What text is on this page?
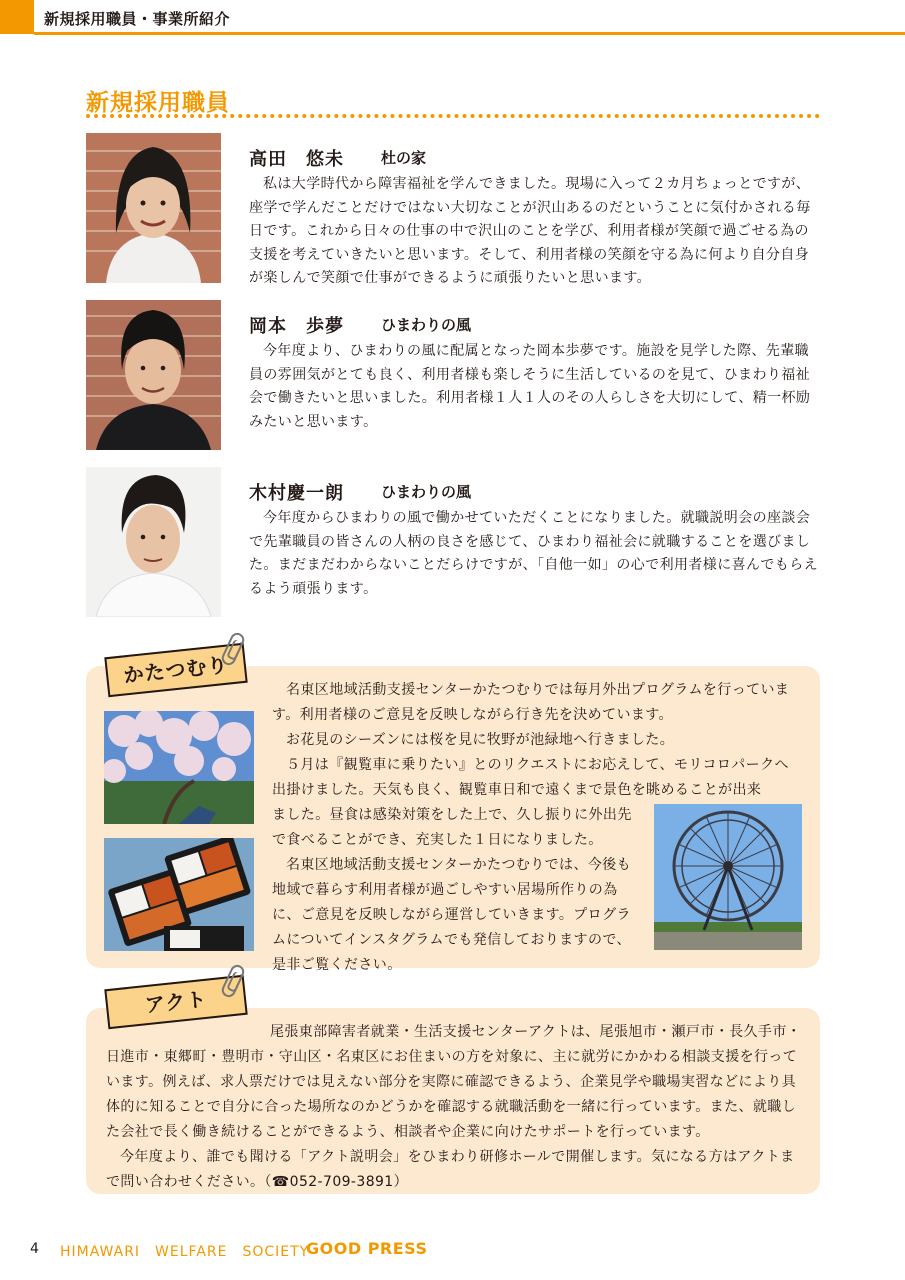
新規採用職員・事業所紹介
新規採用職員
高田　悠未 杜の家
私は大学時代から障害福祉を学んできました。現場に入って２カ月ちょっとですが、座学で学んだことだけではない大切なことが沢山あるのだということに気付かされる毎日です。これから日々の仕事の中で沢山のことを学び、利用者様が笑顔で過ごせる為の支援を考えていきたいと思います。そして、利用者様の笑顔を守る為に何より自分自身が楽しんで笑顔で仕事ができるように頑張りたいと思います。
岡本　歩夢 ひまわりの風
今年度より、ひまわりの風に配属となった岡本歩夢です。施設を見学した際、先輩職員の雰囲気がとても良く、利用者様も楽しそうに生活しているのを見て、ひまわり福祉会で働きたいと思いました。利用者様１人１人のその人らしさを大切にして、精一杯励みたいと思います。
木村慶一朗 ひまわりの風
今年度からひまわりの風で働かせていただくことになりました。就職説明会の座談会で先輩職員の皆さんの人柄の良さを感じて、ひまわり福祉会に就職することを選びました。まだまだわからないことだらけですが、「自他一如」の心で利用者様に喜んでもらえるよう頑張ります。

名東区地域活動支援センターかたつむりでは毎月外出プログラムを行っています。利用者様のご意見を反映しながら行き先を決めています。

お花見のシーズンには桜を見に牧野が池緑地へ行きました。

５月は『観覧車に乗りたい』とのリクエストにお応えして、モリコロパークへ出掛けました。天気も良く、観覧車日和で遠くまで景色を眺めることが出来

ました。昼食は感染対策をした上で、久し振りに外出先で食べることができ、充実した１日になりました。

名東区地域活動支援センターかたつむりでは、今後も地域で暮らす利用者様が過ごしやすい居場所作りの為に、ご意見を反映しながら運営していきます。プログラムについてインスタグラムでも発信しておりますので、是非ご覧ください。

かたつむり

尾張東部障害者就業・生活支援センターアクトは、尾張旭市・瀬戸市・長久手市・

日進市・東郷町・豊明市・守山区・名東区にお住まいの方を対象に、主に就労にかかわる相談支援を行っています。例えば、求人票だけでは見えない部分を実際に確認できるよう、企業見学や職場実習などにより具体的に知ることで自分に合った場所なのかどうかを確認する就職活動を一緒に行っています。また、就職した会社で長く働き続けることができるよう、相談者や企業に向けたサポートを行っています。

今年度より、誰でも聞ける「アクト説明会」をひまわり研修ホールで開催します。気になる方はアクトまで問い合わせください。（☎052-709-3891）

アクト
4 HIMAWARI　WELFARE　SOCIETY
GOOD PRESS
